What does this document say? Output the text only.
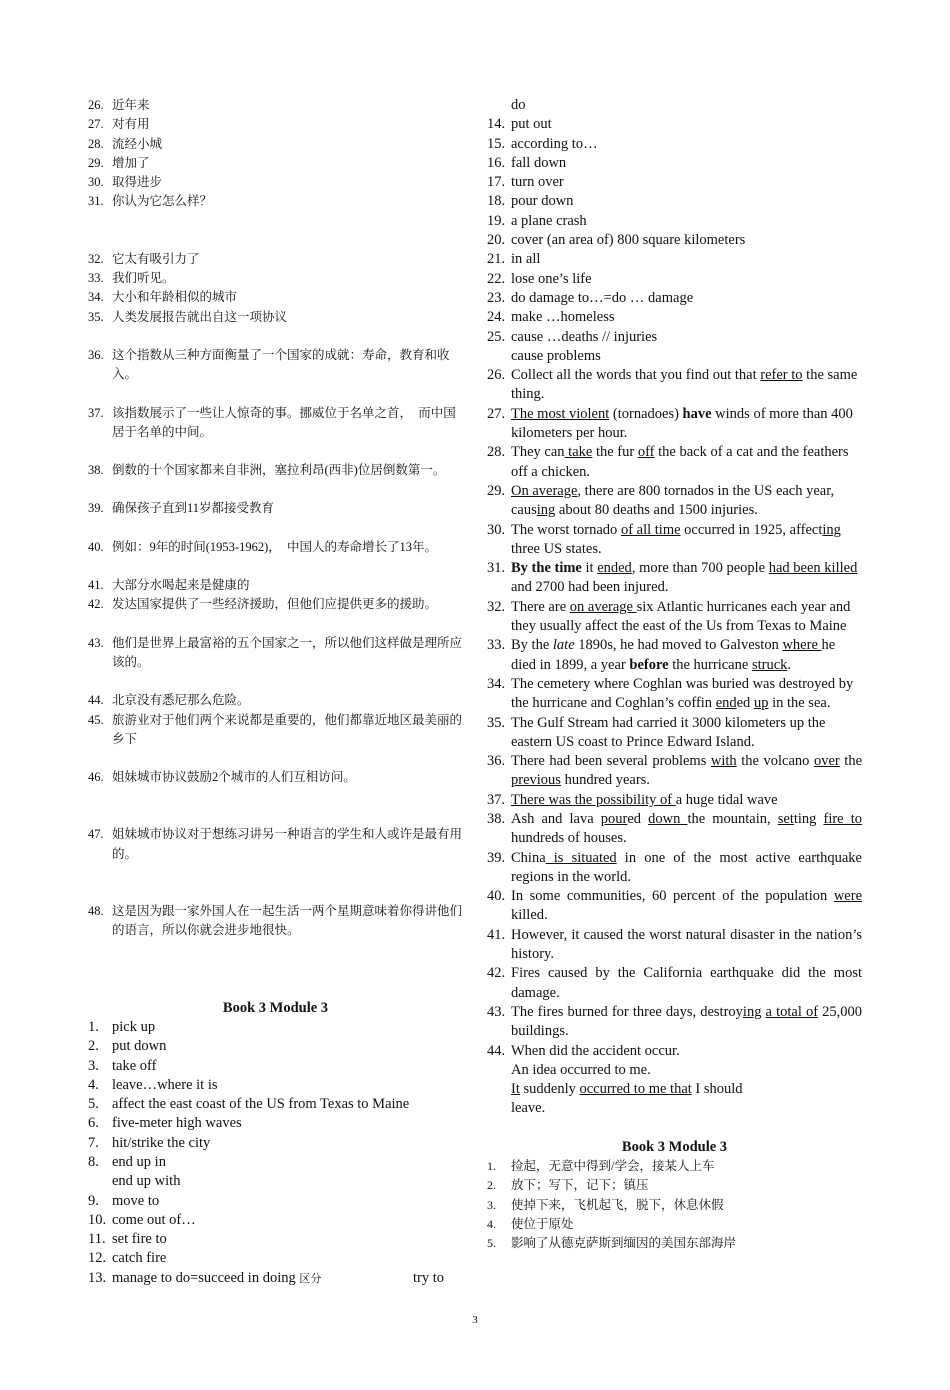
26. 近年来
27. 对有用
28. 流经小城
29. 增加了
30. 取得进步
31. 你认为它怎么样？
32. 它太有吸引力了
33. 我们听见。
34. 大小和年龄相似的城市
35. 人类发展报告就出自这一项协议
36. 这个指数从三种方面衡量了一个国家的成就：寿命，教育和收入。
37. 该指数展示了一些让人惊奇的事。挪威位于名单之首，　而中国居于名单的中间。
38. 倒数的十个国家都来自非洲，塞拉利昂(西非)位居倒数第一。
39. 确保孩子直到11岁都接受教育
40. 例如：9年的时间(1953-1962)，　中国人的寿命增长了13年。
41. 大部分水喝起来是健康的
42. 发达国家提供了一些经济援助，但他们应提供更多的援助。
43. 他们是世界上最富裕的五个国家之一，所以他们这样做是理所应该的。
44. 北京没有悉尼那么危险。
45. 旅游业对于他们两个来说都是重要的，他们都靠近地区最美丽的乡下
46. 姐妹城市协议鼓励2个城市的人们互相访问。
47. 姐妹城市协议对于想练习讲另一种语言的学生和人或许是最有用的。
48. 这是因为跟一家外国人在一起生活一两个星期意味着你得讲他们的语言，所以你就会进步地很快。
Book 3 Module 3
1. pick up
2. put down
3. take off
4. leave…where it is
5. affect the east coast of the US from Texas to Maine
6. five-meter high waves
7. hit/strike the city
8. end up in
end up with
9. move to
10. come out of…
11. set fire to
12. catch fire
13. manage to do=succeed in doing 区分	try to
do
14. put out
15. according to…
16. fall down
17. turn over
18. pour down
19. a plane crash
20. cover (an area of) 800 square kilometers
21. in all
22. lose one’s life
23. do damage to…=do … damage
24. make …homeless
25. cause …deaths // injuries
cause problems
26. Collect all the words that you find out that refer to the same thing.
27. The most violent (tornadoes) have winds of more than 400 kilometers per hour.
28. They can take the fur off the back of a cat and the feathers off a chicken.
29. On average, there are 800 tornados in the US each year, causing about 80 deaths and 1500 injuries.
30. The worst tornado of all time occurred in 1925, affecting three US states.
31. By the time it ended, more than 700 people had been killed and 2700 had been injured.
32. There are on average six Atlantic hurricanes each year and they usually affect the east of the Us from Texas to Maine
33. By the late 1890s, he had moved to Galveston where he died in 1899, a year before the hurricane struck.
34. The cemetery where Coghlan was buried was destroyed by the hurricane and Coghlan’s coffin ended up in the sea.
35. The Gulf Stream had carried it 3000 kilometers up the eastern US coast to Prince Edward Island.
36. There had been several problems with the volcano over the previous hundred years.
37. There was the possibility of a huge tidal wave
38. Ash and lava poured down the mountain, setting fire to hundreds of houses.
39. China is situated in one of the most active earthquake regions in the world.
40. In some communities, 60 percent of the population were killed.
41. However, it caused the worst natural disaster in the nation’s history.
42. Fires caused by the California earthquake did the most damage.
43. The fires burned for three days, destroying a total of 25,000 buildings.
44. When did the accident occur.
An idea occurred to me.
It suddenly occurred to me that I should
leave.
Book 3 Module 3
1.	捡起，无意中得到/学会，接某人上车
2.	放下；写下，记下；镇压
3.	使掉下来，飞机起飞，脱下，休息休假
4.	使位于原处
5.	影响了从德克萨斯到缅因的美国东部海岸
3
